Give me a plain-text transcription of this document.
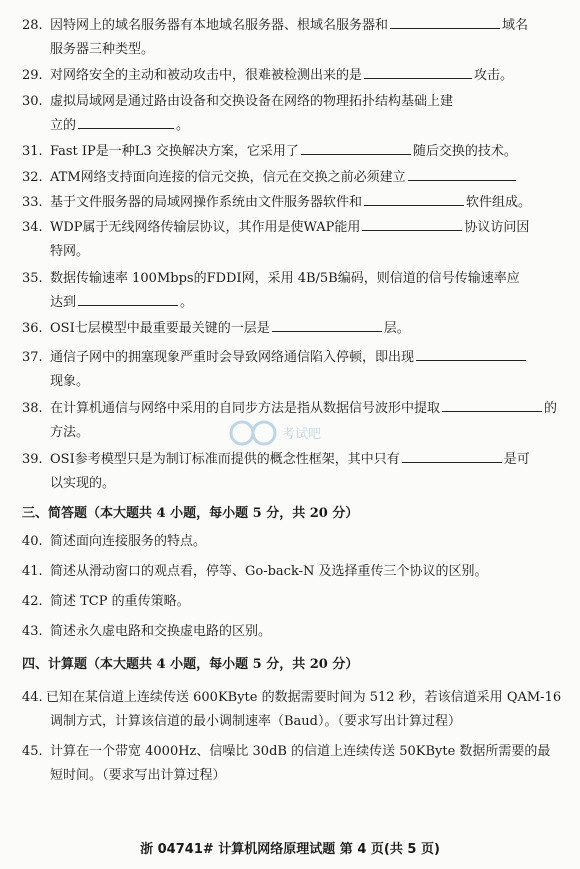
28. 因特网上的域名服务器有本地域名服务器、根域名服务器和	域名
服务器三种类型。
29. 对网络安全的主动和被动攻击中，很难被检测出来的是	攻击。
30. 虚拟局域网是通过路由设备和交换设备在网络的物理拓扑结构基础上建
立的	。
31. Fast IP是一种L3 交换解决方案，它采用了	随后交换的技术。
32. ATM网络支持面向连接的信元交换，信元在交换之前必须建立
33. 基于文件服务器的局域网操作系统由文件服务器软件和	软件组成。
34. WDP属于无线网络传输层协议，其作用是使WAP能用	协议访问因
特网。
35. 数据传输速率 100Mbps的FDDI网，采用 4B/5B编码，则信道的信号传输速率应
达到	。
36. OSI七层模型中最重要最关键的一层是	层。
37. 通信子网中的拥塞现象严重时会导致网络通信陷入停顿，即出现
现象。
38. 在计算机通信与网络中采用的自同步方法是指从数据信号波形中提取	的
方法。
39. OSI参考模型只是为制订标准而提供的概念性框架，其中只有	是可
以实现的。
三、简答题（本大题共 4 小题，每小题 5 分，共 20 分）
40. 简述面向连接服务的特点。
41. 简述从滑动窗口的观点看，停等、Go-back-N 及选择重传三个协议的区别。
42. 简述 TCP 的重传策略。
43. 简述永久虚电路和交换虚电路的区别。
四、计算题（本大题共 4 小题，每小题 5 分，共 20 分）
44. 已知在某信道上连续传送 600KByte 的数据需要时间为 512 秒，若该信道采用 QAM-16
调制方式，计算该信道的最小调制速率（Baud）。（要求写出计算过程）
45. 计算在一个带宽 4000Hz、信噪比 30dB 的信道上连续传送 50KByte 数据所需要的最
短时间。（要求写出计算过程）
考试吧
浙 04741# 计算机网络原理试题 第 4 页(共 5 页)
